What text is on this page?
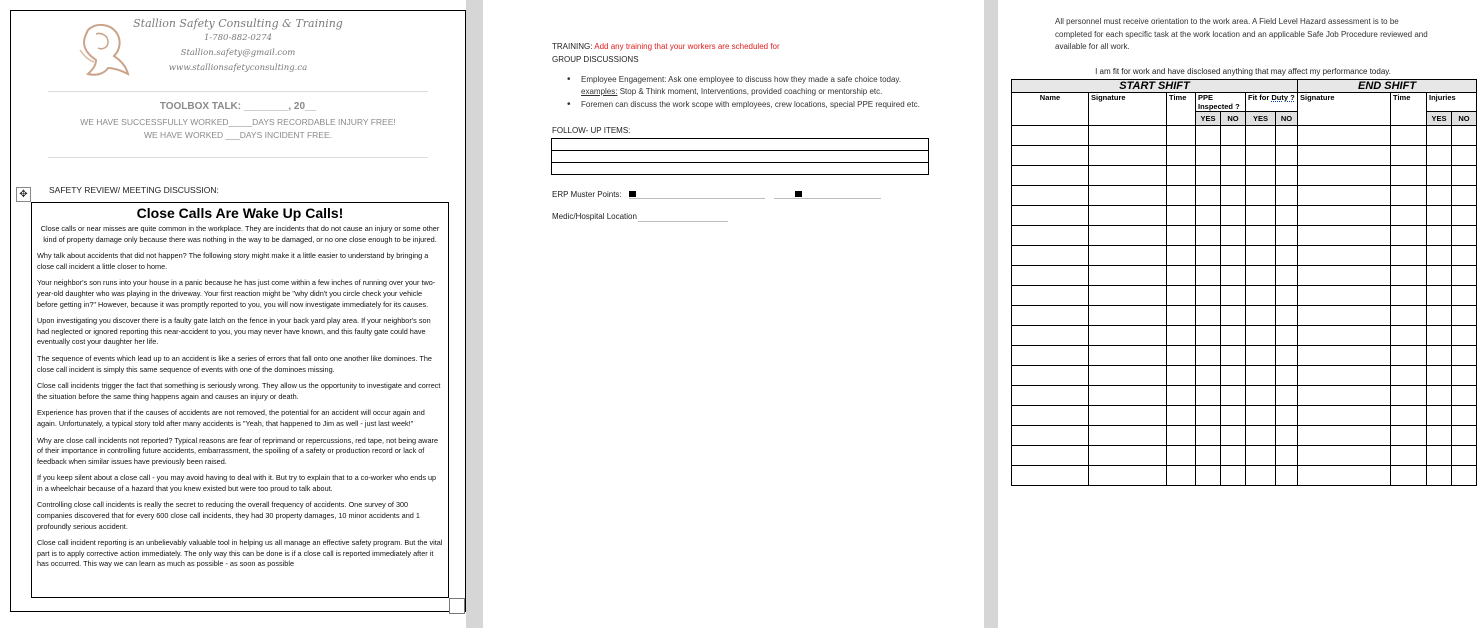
Stallion Safety Consulting & Training
1-780-882-0274
Stallion.safety@gmail.com
www.stallionsafetyconsulting.ca
TOOLBOX TALK: ________, 20__
WE HAVE SUCCESSFULLY WORKED_____DAYS RECORDABLE INJURY FREE!
WE HAVE WORKED ___DAYS INCIDENT FREE.
✥	SAFETY REVIEW/ MEETING DISCUSSION:
Close Calls Are Wake Up Calls!

Close calls or near misses are quite common in the workplace. They are incidents that do not cause an injury or some other kind of property damage only because there was nothing in the way to be damaged, or no one close enough to be injured.

Why talk about accidents that did not happen? The following story might make it a little easier to understand by bringing a close call incident a little closer to home.

Your neighbor's son runs into your house in a panic because he has just come within a few inches of running over your two-year-old daughter who was playing in the driveway. Your first reaction might be "why didn't you circle check your vehicle before getting in?" However, because it was promptly reported to you, you will now investigate immediately for its causes.

Upon investigating you discover there is a faulty gate latch on the fence in your back yard play area. If your neighbor's son had neglected or ignored reporting this near-accident to you, you may never have known, and this faulty gate could have eventually cost your daughter her life.

The sequence of events which lead up to an accident is like a series of errors that fall onto one another like dominoes. The close call incident is simply this same sequence of events with one of the dominoes missing.

Close call incidents trigger the fact that something is seriously wrong. They allow us the opportunity to investigate and correct the situation before the same thing happens again and causes an injury or death.

Experience has proven that if the causes of accidents are not removed, the potential for an accident will occur again and again. Unfortunately, a typical story told after many accidents is "Yeah, that happened to Jim as well - just last week!"

Why are close call incidents not reported? Typical reasons are fear of reprimand or repercussions, red tape, not being aware of their importance in controlling future accidents, embarrassment, the spoiling of a safety or production record or lack of feedback when similar issues have previously been raised.

If you keep silent about a close call - you may avoid having to deal with it. But try to explain that to a co-worker who ends up in a wheelchair because of a hazard that you knew existed but were too proud to talk about.

Controlling close call incidents is really the secret to reducing the overall frequency of accidents. One survey of 300 companies discovered that for every 600 close call incidents, they had 30 property damages, 10 minor accidents and 1 profoundly serious accident.

Close call incident reporting is an unbelievably valuable tool in helping us all manage an effective safety program. But the vital part is to apply corrective action immediately. The only way this can be done is if a close call is reported immediately after it has occurred. This way we can learn as much as possible - as soon as possible

TRAINING: Add any training that your workers are scheduled for
GROUP DISCUSSIONS
• Employee Engagement: Ask one employee to discuss how they made a safe choice today.
examples: Stop & Think moment, Interventions, provided coaching or mentorship etc.
• Foremen can discuss the work scope with employees, crew locations, special PPE required etc.
FOLLOW- UP ITEMS:

ERP Muster Points:
Medic/Hospital Location
All personnel must receive orientation to the work area. A Field Level Hazard assessment is to be completed for each specific task at the work location and an applicable Safe Job Procedure reviewed and available for all work.
I am fit for work and have disclosed anything that may affect my performance today.
START SHIFT							END SHIFT			
Name	Signature	Time	PPE Inspected ?		Fit for Duty ?		Signature	Time	Injuries	
			YES	NO	YES	NO			YES	NO
